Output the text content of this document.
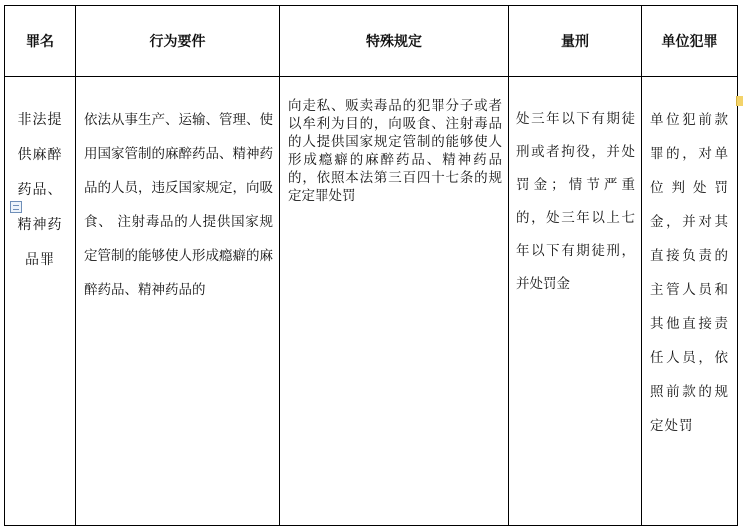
罪名	行为要件	特殊规定	量刑	单位犯罪

非法提供麻醉药品、精神药品罪	依法从事生产、运输、管理、使用国家管制的麻醉药品、精神药品的人员，违反国家规定，向吸食、 注射毒品的人提供国家规定管制的能够使人形成瘾癖的麻醉药品、精神药品的	向走私、贩卖毒品的犯罪分子或者以牟利为目的，向吸食、注射毒品的人提供国家规定管制的能够使人形成瘾癖的麻醉药品、精神药品的，依照本法第三百四十七条的规定定罪处罚	处三年以下有期徒刑或者拘役，并处罚金；情节严重的，处三年以上七年以下有期徒刑，并处罚金	单位犯前款罪的，对单位判处罚金，并对其直接负责的主管人员和其他直接责任人员，依照前款的规定处罚
